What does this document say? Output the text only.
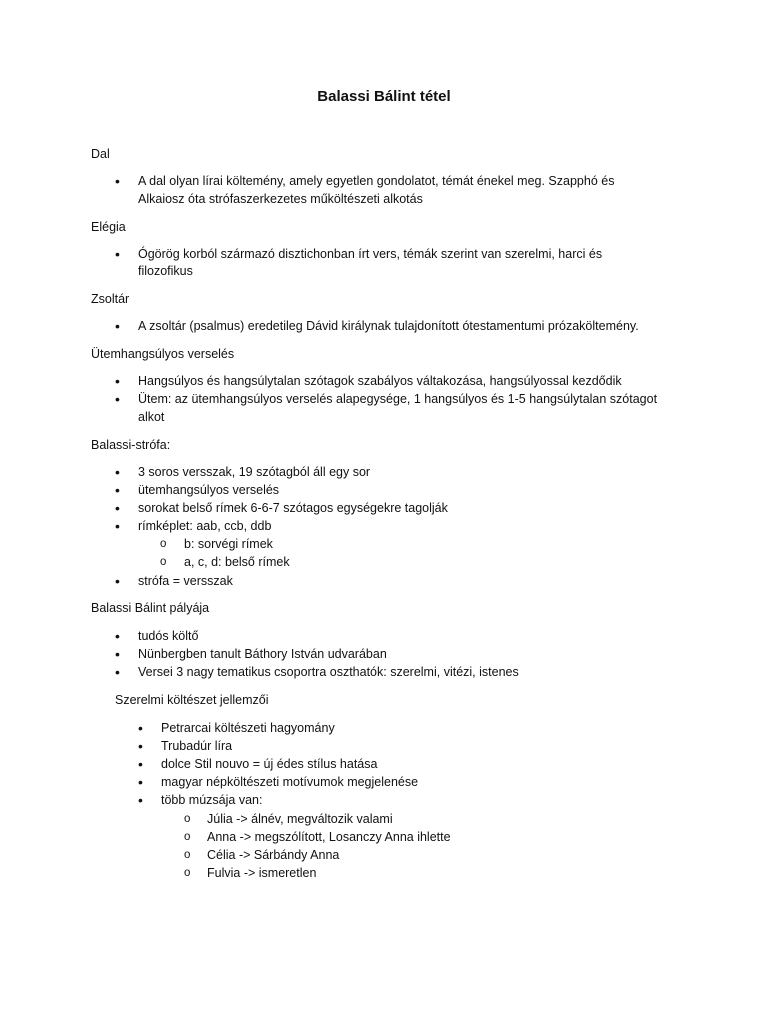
Balassi Bálint tétel
Dal
• A dal olyan lírai költemény, amely egyetlen gondolatot, témát énekel meg. Szapphó és
Alkaiosz óta strófaszerkezetes műköltészeti alkotás
Elégia
• Ógörög korból származó disztichonban írt vers, témák szerint van szerelmi, harci és
filozofikus
Zsoltár
• A zsoltár (psalmus) eredetileg Dávid királynak tulajdonított ótestamentumi prózaköltemény.
Ütemhangsúlyos verselés
• Hangsúlyos és hangsúlytalan szótagok szabályos váltakozása, hangsúlyossal kezdődik
• Ütem: az ütemhangsúlyos verselés alapegysége, 1 hangsúlyos és 1-5 hangsúlytalan szótagot
alkot
Balassi-strófa:
• 3 soros versszak, 19 szótagból áll egy sor
• ütemhangsúlyos verselés
• sorokat belső rímek 6-6-7 szótagos egységekre tagolják
• rímképlet: aab, ccb, ddb
o b: sorvégi rímek
o a, c, d: belső rímek
• strófa = versszak
Balassi Bálint pályája
• tudós költő
• Nünbergben tanult Báthory István udvarában
• Versei 3 nagy tematikus csoportra oszthatók: szerelmi, vitézi, istenes
Szerelmi költészet jellemzői
• Petrarcai költészeti hagyomány
• Trubadúr líra
• dolce Stil nouvo = új édes stílus hatása
• magyar népköltészeti motívumok megjelenése
• több múzsája van:
o Júlia -> álnév, megváltozik valami
o Anna -> megszólított, Losanczy Anna ihlette
o Célia -> Sárbándy Anna
o Fulvia -> ismeretlen
